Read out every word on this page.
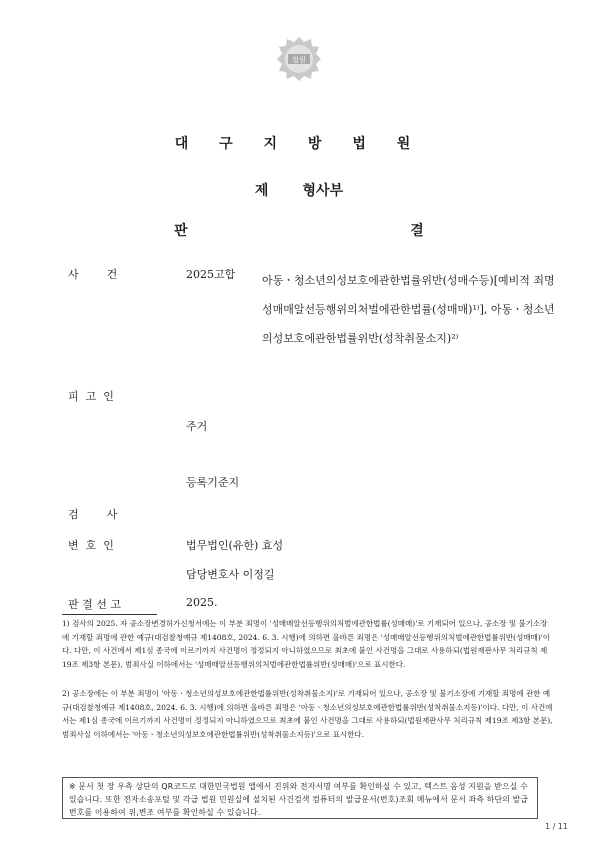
법원
대 구 지 방 법 원
제       형사부
판   결
사        건	2025고합 아동ㆍ청소년의성보호에관한법률위반(성매수등)[예비적 죄명 성매매알선등행위의처벌에관한법률(성매매)¹⁾], 아동ㆍ청소년의성보호에관한법률위반(성착취물소지)²⁾
피  고  인
주거
등록기준지
검        사
변  호  인	법무법인(유한) 효성
담당변호사 이정길
판 결 선 고	2025.
1) 검사의 2025. 자 공소장변경허가신청서에는 이 부분 죄명이 '성매매알선등행위의처벌에관한법률(성매매)'로 기재되어 있으나, 공소장 및 불기소장에 기재할 죄명에 관한 예규(대검찰청예규 제1408호, 2024. 6. 3. 시행)에 의하면 올바른 죄명은 '성매매알선등행위의처벌에관한법률위반(성매매)'이다. 다만, 이 사건에서 제1심 종국에 이르기까지 사건명이 정정되지 아니하였으므로 최초에 붙인 사건명을 그대로 사용하되(법원재판사무 처리규칙 제19조 제3항 본문), 범죄사실 이하에서는 '성매매알선등행위의처벌에관한법률위반(성매매)'으로 표시한다.
2) 공소장에는 이 부분 죄명이 '아동ㆍ청소년의성보호에관한법률위반(성착취물소지)'로 기재되어 있으나, 공소장 및 불기소장에 기재할 죄명에 관한 예규(대검찰청예규 제1408호, 2024. 6. 3. 시행)에 의하면 올바른 죄명은 '아동ㆍ청소년의성보호에관한법률위반(성착취물소지등)'이다. 다만, 이 사건에서는 제1심 종국에 이르기까지 사건명이 정정되지 아니하였으므로 최초에 붙인 사건명을 그대로 사용하되(법원재판사무 처리규칙 제19조 제3항 본문), 범죄사실 이하에서는 '아동ㆍ청소년의성보호에관한법률위반(성착취물소지등)'으로 표시한다.
※ 문서 첫 장 우측 상단의 QR코드로 대한민국법원 앱에서 진위와 전자서명 여부를 확인하실 수 있고, 텍스트 음성 지원을 받으실 수 있습니다. 또한 전자소송포털 및 각급 법원 민원실에 설치된 사건검색 컴퓨터의 발급문서(번호)조회 메뉴에서 문서 좌측 하단의 발급번호를 이용하여 위,변조 여부를 확인하실 수 있습니다.
1 / 11
